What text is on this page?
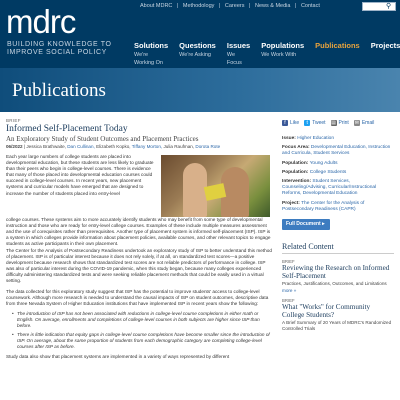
mdrc
BUILDING KNOWLEDGE TO IMPROVE SOCIAL POLICY
About MDRC | Methodology | Careers | News & Media | Contact	⚲
Solutions
We're Working On
Questions
We're Asking
Issues
We Focus
Populations
We Work With
Publications Projects
Publications
BRIEF
Informed Self-Placement Today
An Exploratory Study of Student Outcomes and Placement Practices
06/2022 | Jessica Brathwaite, Dan Cullinan, Elizabeth Kopko, Tiffany Morton, Julia Raufman, Dorota Rote
Each year large numbers of college students are placed into developmental education, but these students are less likely to graduate than their peers who begin in college-level courses. There is evidence that many of those placed into developmental education courses could succeed in college-level courses. In recent years, new placement systems and curricular models have emerged that are designed to increase the number of students placed into entry-level
college courses. These systems aim to more accurately identify students who may benefit from some type of developmental instruction and those who are ready for entry-level college courses. Examples of these include multiple measures assessment and the use of corequisites rather than prerequisites. Another type of placement system is informed self-placement (ISP). ISP is a system in which colleges provide information about placement policies, available courses, and other relevant topics to engage students as active participants in their own placement.
The Center for the Analysis of Postsecondary Readiness undertook an exploratory study of ISP to better understand this method of placement. ISP is of particular interest because it does not rely solely, if at all, on standardized test scores—a positive development because research shows that standardized test scores are not reliable predictors of performance in college. ISP was also of particular interest during the COVID-19 pandemic, when this study began, because many colleges experienced difficulty administering standardized tests and were seeking reliable placement methods that could be easily used in a virtual setting.
The data collected for this exploratory study suggest that ISP has the potential to improve students' access to college-level coursework. Although more research is needed to understand the causal impacts of ISP on student outcomes, descriptive data from three Nevada System of Higher Education institutions that have implemented ISP in recent years show the following:
• The introduction of ISP has not been associated with reductions in college-level course completions in either math or English. On average, enrollments and completions of college-level courses in both subjects are higher since ISP than before.
• There is little indication that equity gaps in college-level course completions have become smaller since the introduction of ISP. On average, about the same proportion of students from each demographic category are completing college-level courses after ISP as before.
Study data also show that placement systems are implemented in a variety of ways represented by different
f Like	t Tweet ▤ Print ✉ Email
Issue: Higher Education
Focus Area: Developmental Education, Instruction and Curricula, Student Services
Population: Young Adults
Population: College Students
Intervention: Student Services, Counseling/Advising, Curricular/Instructional Reforms, Developmental Education
Project: The Center for the Analysis of Postsecondary Readiness (CAPR)
Full Document ▸
Related Content
BRIEF
Reviewing the Research on Informed Self-Placement
Practices, Justifications, Outcomes, and Limitations
more »
BRIEF
What "Works" for Community College Students?
A Brief Summary of 20 Years of MDRC's Randomized Controlled Trials
